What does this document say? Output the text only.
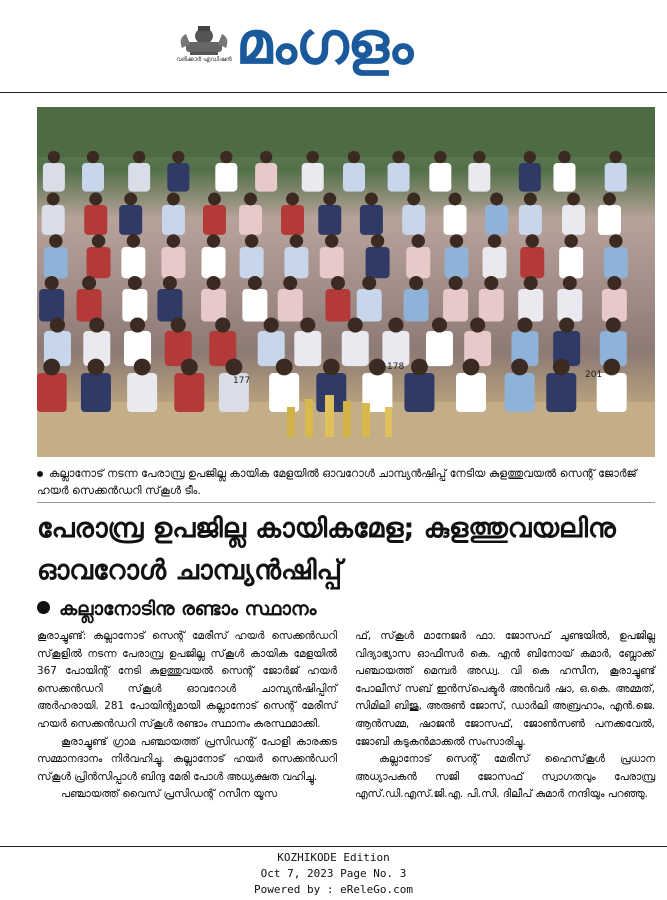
വരിക്കാർ എഡിഷൻ മംഗളം
177
178
201
കല്ലാനോട് നടന്ന പേരാമ്പ്ര ഉപജില്ല കായിക മേളയിൽ ഓവറോൾ ചാമ്പ്യൻഷിപ്പ് നേടിയ കുളത്തുവയൽ സെന്റ് ജോർജ് ഹയർ സെക്കൻഡറി സ്‌കൂൾ ടീം.
പേരാമ്പ്ര ഉപജില്ല കായികമേള; കുളത്തുവയലിനു ഓവറോൾ ചാമ്പ്യൻഷിപ്പ്
കല്ലാനോടിനു രണ്ടാം സ്ഥാനം

കൂരാച്ചുണ്ട്: കല്ലാനോട് സെന്റ് മേരീസ് ഹയർ സെക്കൻഡറി സ്‌കൂളിൽ നടന്ന പേരാമ്പ്ര ഉപജില്ല സ്‌കൂൾ കായിക മേളയിൽ 367 പോയിന്റ് നേടി കുളത്തുവയൽ സെന്റ് ജോർജ് ഹയർ സെക്കൻഡറി സ്‌കൂൾ ഓവറോൾ ചാമ്പ്യൻഷിപ്പിന് അർഹരായി. 281 പോയിന്റുമായി കല്ലാനോട് സെന്റ് മേരീസ് ഹയർ സെക്കൻഡറി സ്‌കൂൾ രണ്ടാം സ്ഥാനം കരസ്ഥമാക്കി.

കൂരാച്ചുണ്ട് ഗ്രാമ പഞ്ചായത്ത് പ്രസിഡന്റ് പോളി കാരക്കട സമ്മാനദാനം നിർവഹിച്ചു. കല്ലാനോട് ഹയർ സെക്കൻഡറി സ്‌കൂൾ പ്രിൻസിപ്പാൾ ബിന്ദു മേരി പോൾ അധ്യക്ഷത വഹിച്ചു.

പഞ്ചായത്ത് വൈസ് പ്രസിഡന്റ് റസീന യൂസ

ഫ്, സ്‌കൂൾ മാനേജർ ഫാ. ജോസഫ് ചുണ്ടയിൽ, ഉപജില്ല വിദ്യാഭ്യാസ ഓഫീസർ കെ. എൻ ബിനോയ് കുമാർ, ബ്ലോക്ക് പഞ്ചായത്ത് മെമ്പർ അഡ്വ. വി കെ ഹസീന, കൂരാച്ചുണ്ട് പോലീസ് സബ് ഇൻസ്‌പെക്ടർ അൻവർ ഷാ, ഒ.കെ. അമ്മത്, സിമിലി ബിജു, അരുൺ ജോസ്, ഡാർലി അബ്രഹാം, എൻ.ജെ. ആൻസമ്മ, ഷാജൻ ജോസഫ്, ജോൺസൺ പനക്കവേൽ, ജോബി കടുകൻമാക്കൽ സംസാരിച്ചു.

കല്ലാനോട് സെന്റ് മേരീസ് ഹൈസ്‌കൂൾ പ്രധാന അധ്യാപകൻ സജി ജോസഫ് സ്വാഗതവും പേരാമ്പ്ര എസ്.ഡി.എസ്.ജി.എ. പി.സി. ദിലീപ് കുമാർ നന്ദിയും പറഞ്ഞു.

KOZHIKODE Edition
Oct 7, 2023 Page No. 3
Powered by : eReleGo.com
